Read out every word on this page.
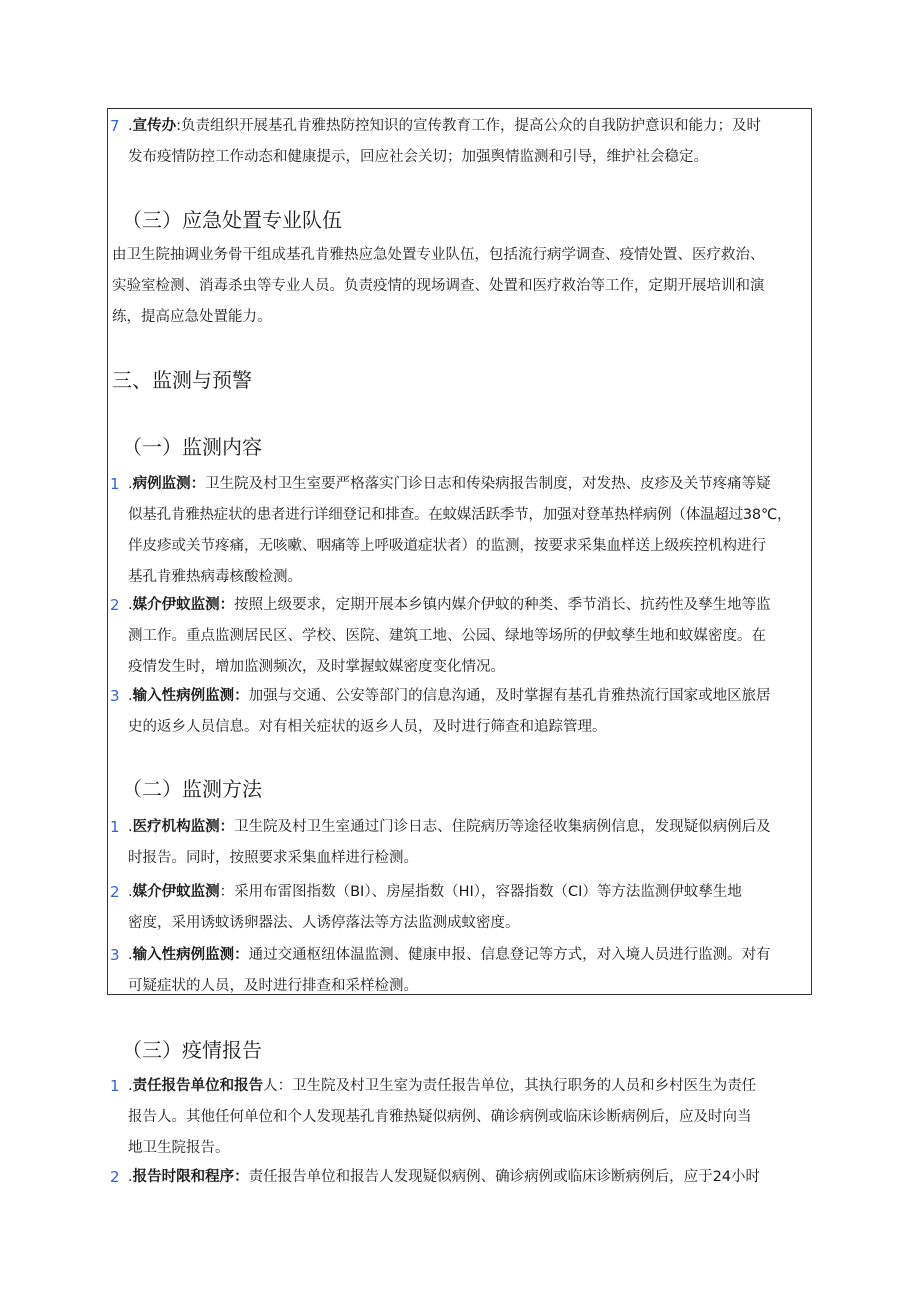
7 .宣传办:负责组织开展基孔肯雅热防控知识的宣传教育工作，提高公众的自我防护意识和能力；及时
发布疫情防控工作动态和健康提示，回应社会关切；加强舆情监测和引导，维护社会稳定。
（三）应急处置专业队伍
由卫生院抽调业务骨干组成基孔肯雅热应急处置专业队伍，包括流行病学调查、疫情处置、医疗救治、
实验室检测、消毒杀虫等专业人员。负责疫情的现场调查、处置和医疗救治等工作，定期开展培训和演
练，提高应急处置能力。
三、监测与预警
（一）监测内容
1 .病例监测：卫生院及村卫生室要严格落实门诊日志和传染病报告制度，对发热、皮疹及关节疼痛等疑
似基孔肯雅热症状的患者进行详细登记和排查。在蚊媒活跃季节，加强对登革热样病例（体温超过38℃，
伴皮疹或关节疼痛，无咳嗽、咽痛等上呼吸道症状者）的监测，按要求采集血样送上级疾控机构进行
基孔肯雅热病毒核酸检测。
2 .媒介伊蚊监测：按照上级要求，定期开展本乡镇内媒介伊蚊的种类、季节消长、抗药性及孳生地等监
测工作。重点监测居民区、学校、医院、建筑工地、公园、绿地等场所的伊蚊孳生地和蚊媒密度。在
疫情发生时，增加监测频次，及时掌握蚊媒密度变化情况。
3 .输入性病例监测：加强与交通、公安等部门的信息沟通，及时掌握有基孔肯雅热流行国家或地区旅居
史的返乡人员信息。对有相关症状的返乡人员，及时进行筛查和追踪管理。
（二）监测方法
1 .医疗机构监测：卫生院及村卫生室通过门诊日志、住院病历等途径收集病例信息，发现疑似病例后及
时报告。同时，按照要求采集血样进行检测。
2 .媒介伊蚊监测：采用布雷图指数（BI）、房屋指数（HI），容器指数（CI）等方法监测伊蚊孳生地
密度，采用诱蚊诱卵器法、人诱停落法等方法监测成蚊密度。
3 .输入性病例监测：通过交通枢纽体温监测、健康申报、信息登记等方式，对入境人员进行监测。对有
可疑症状的人员，及时进行排查和采样检测。
（三）疫情报告
1 .责任报告单位和报告人：卫生院及村卫生室为责任报告单位，其执行职务的人员和乡村医生为责任
报告人。其他任何单位和个人发现基孔肯雅热疑似病例、确诊病例或临床诊断病例后，应及时向当
地卫生院报告。
2 .报告时限和程序：责任报告单位和报告人发现疑似病例、确诊病例或临床诊断病例后，应于24小时
